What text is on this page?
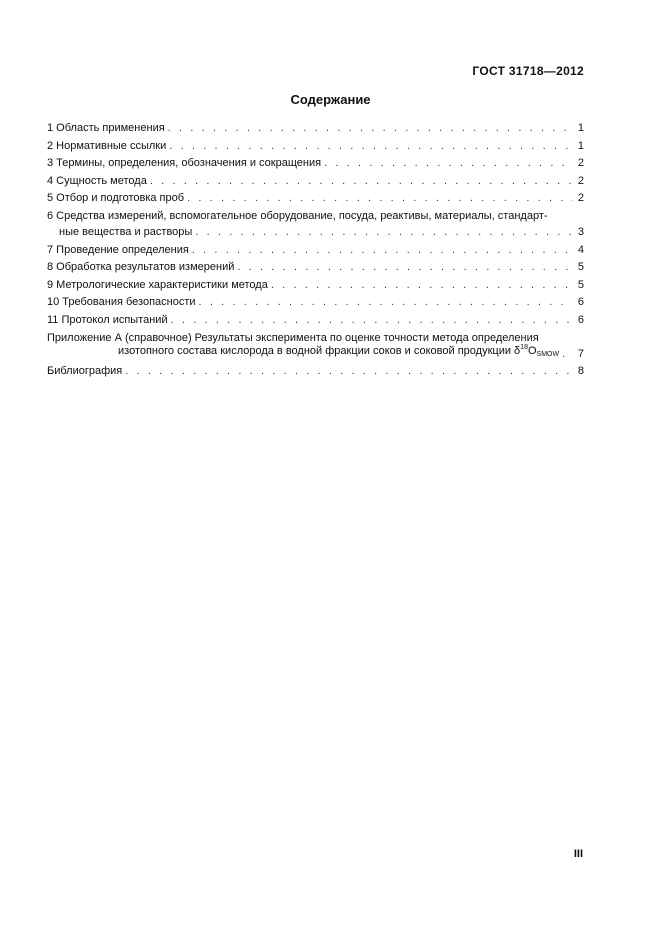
ГОСТ 31718—2012
Содержание
1 Область применения . . .	1
2 Нормативные ссылки . . .	1
3 Термины, определения, обозначения и сокращения . . .	2
4 Сущность метода . . .	2
5 Отбор и подготовка проб . . .	2
6 Средства измерений, вспомогательное оборудование, посуда, реактивы, материалы, стандарт-
ные вещества и растворы . . .	3
7 Проведение определения . . .	4
8 Обработка результатов измерений . . .	5
9 Метрологические характеристики метода . . .	5
10 Требования безопасности . . .	6
11 Протокол испытаний . . .	6
Приложение А (справочное) Результаты эксперимента по оценке точности метода определения
изотопного состава кислорода в водной фракции соков и соковой продукции $\delta^{18}O_{SMOW}$ . . . 7
Библиография . . .	8
III
